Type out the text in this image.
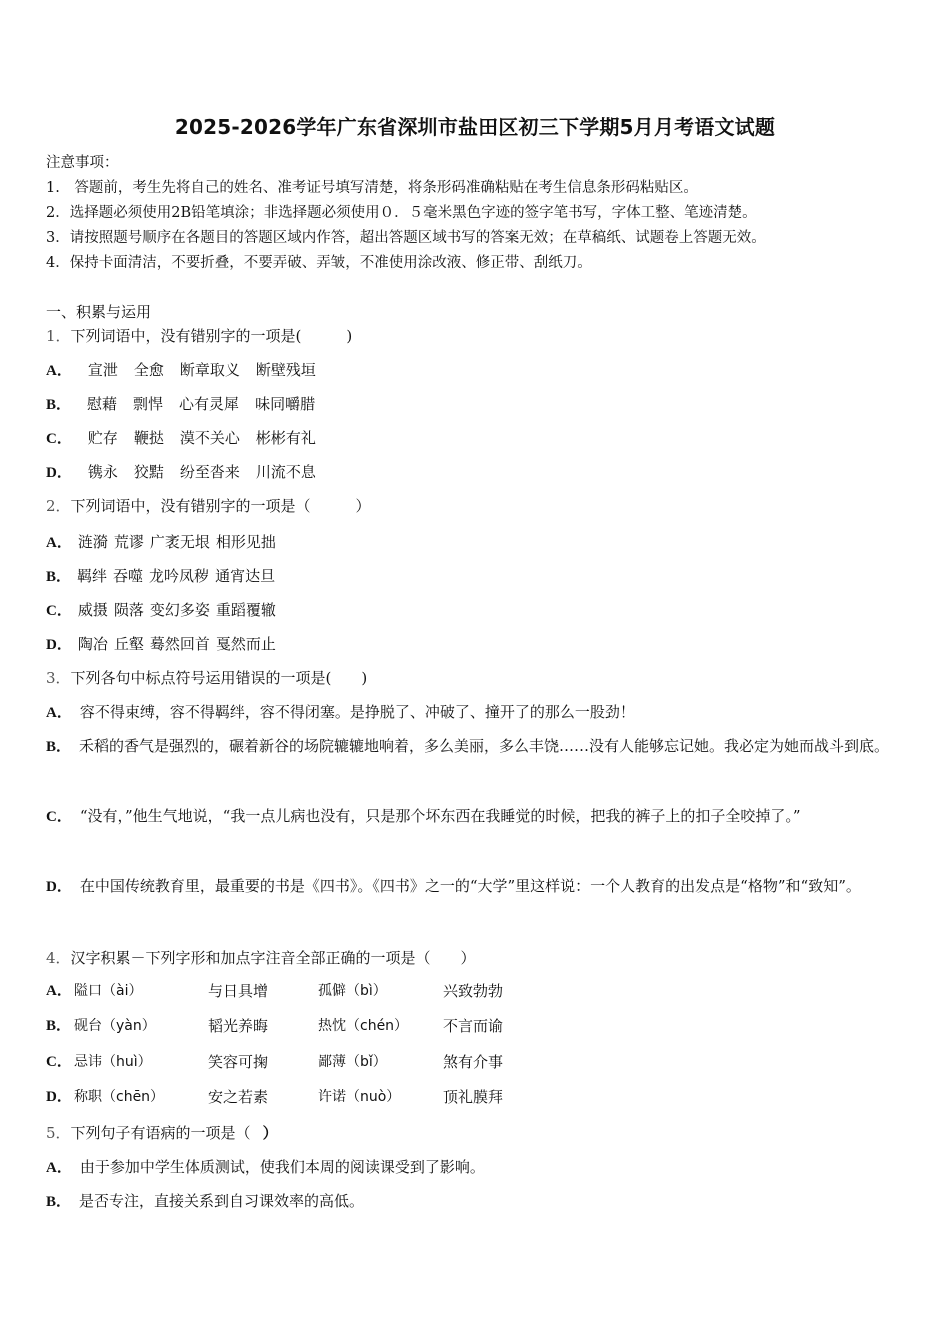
2025-2026学年广东省深圳市盐田区初三下学期5月月考语文试题
注意事项：
1.　答题前，考生先将自己的姓名、准考证号填写清楚，将条形码准确粘贴在考生信息条形码粘贴区。
2．选择题必须使用2B铅笔填涂；非选择题必须使用０．５毫米黑色字迹的签字笔书写，字体工整、笔迹清楚。
3．请按照题号顺序在各题目的答题区域内作答，超出答题区域书写的答案无效；在草稿纸、试题卷上答题无效。
4．保持卡面清洁，不要折叠，不要弄破、弄皱，不准使用涂改液、修正带、刮纸刀。
一、积累与运用
1．下列词语中，没有错别字的一项是(　　　)
A． 宣泄 全愈 断章取义 断壁残垣
B． 慰藉 剽悍 心有灵犀 味同嚼腊
C． 贮存 鞭挞 漠不关心 彬彬有礼
D． 镌永 狡黠 纷至沓来 川流不息
2．下列词语中，没有错别字的一项是（　　　）
A． 涟漪 荒谬 广袤无垠 相形见拙
B． 羁绊 吞噬 龙吟凤秽 通宵达旦
C． 威摄 陨落 变幻多姿 重蹈覆辙
D． 陶冶 丘壑 蓦然回首 戛然而止
3．下列各句中标点符号运用错误的一项是(　　)
A． 容不得束缚，容不得羁绊，容不得闭塞。是挣脱了、冲破了、撞开了的那么一股劲！
B． 禾稻的香气是强烈的，碾着新谷的场院辘辘地响着，多么美丽，多么丰饶……没有人能够忘记她。我必定为她而战斗到底。
C． “没有，”他生气地说，“我一点儿病也没有，只是那个坏东西在我睡觉的时候，把我的裤子上的扣子全咬掉了。”
D． 在中国传统教育里，最重要的书是《四书》。《四书》之一的“大学”里这样说：一个人教育的出发点是“格物”和“致知”。
4．汉字积累－下列字形和加点字注音全部正确的一项是（　　）
A． 隘口（ài）	与日具增	孤僻（bì）	兴致勃勃
B． 砚台（yàn）	韬光养晦	热忱（chén） 不言而谕
C． 忌讳（huì）	笑容可掬	鄙薄（bǐ）	煞有介事
D． 称职（chēn）	安之若素	许诺（nuò）	顶礼膜拜
5．下列句子有语病的一项是（ ）
A． 由于参加中学生体质测试，使我们本周的阅读课受到了影响。
B． 是否专注，直接关系到自习课效率的高低。
